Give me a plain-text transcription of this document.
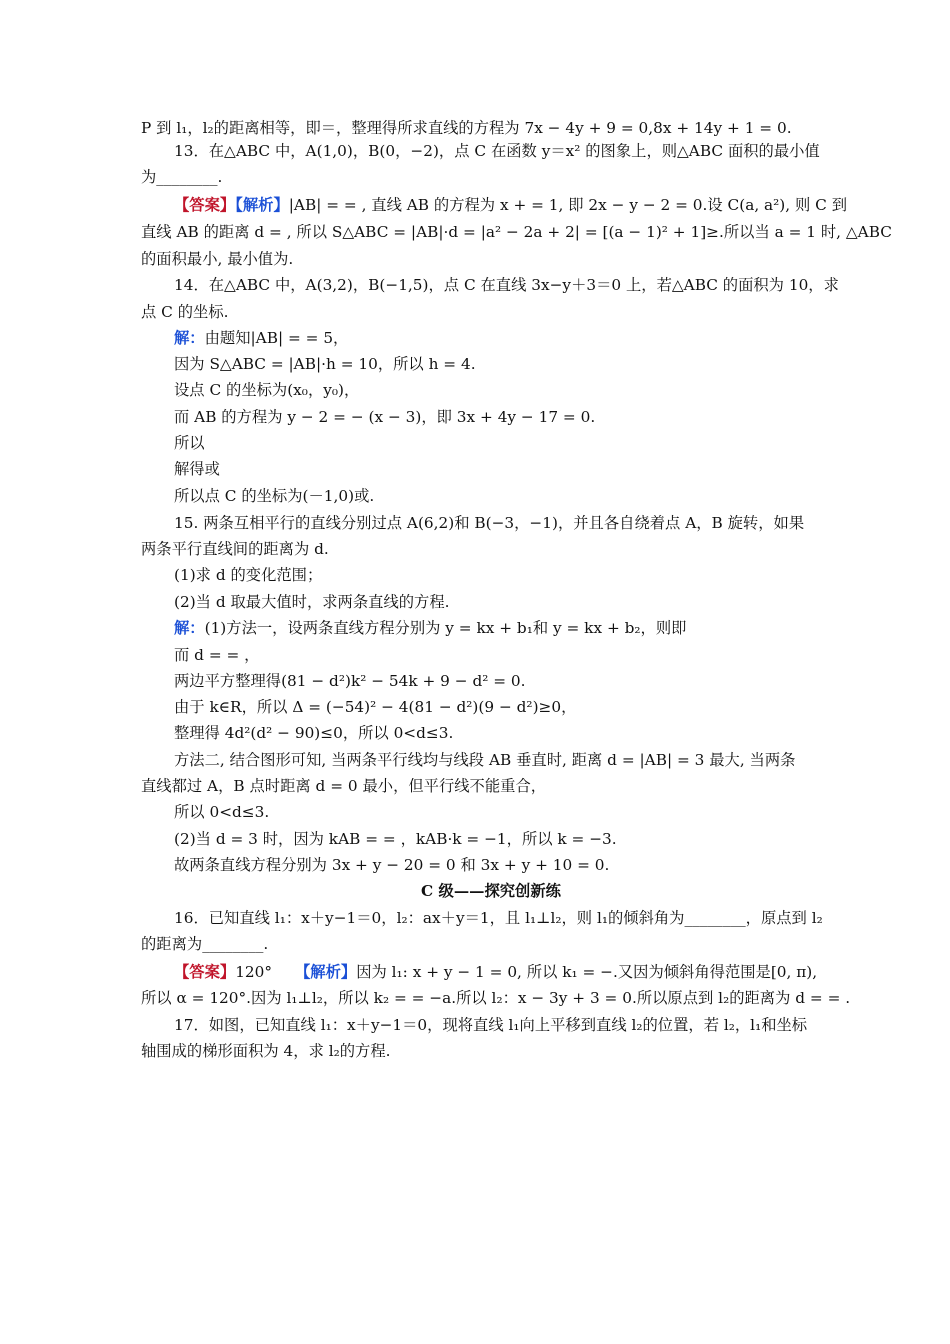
P 到 l₁，l₂的距离相等，即＝，整理得所求直线的方程为 7x − 4y + 9 = 0,8x + 14y + 1 = 0.
13．在△ABC 中，A(1,0)，B(0，−2)，点 C 在函数 y＝x² 的图象上，则△ABC 面积的最小值
为________.
【答案】【解析】|AB| = = , 直线 AB 的方程为 x + = 1, 即 2x − y − 2 = 0.设 C(a, a²), 则 C 到
直线 AB 的距离 d = , 所以 S△ABC = |AB|·d = |a² − 2a + 2| = [(a − 1)² + 1]≥.所以当 a = 1 时, △ABC
的面积最小, 最小值为.
14．在△ABC 中，A(3,2)，B(−1,5)，点 C 在直线 3x−y＋3＝0 上，若△ABC 的面积为 10，求
点 C 的坐标.
解：由题知|AB| = = 5，
因为 S△ABC = |AB|·h = 10，所以 h = 4.
设点 C 的坐标为(x₀，y₀)，
而 AB 的方程为 y − 2 = − (x − 3)，即 3x + 4y − 17 = 0.
所以
解得或
所以点 C 的坐标为(－1,0)或.
15. 两条互相平行的直线分别过点 A(6,2)和 B(−3，−1)，并且各自绕着点 A，B 旋转，如果
两条平行直线间的距离为 d.
(1)求 d 的变化范围；
(2)当 d 取最大值时，求两条直线的方程.
解：(1)方法一，设两条直线方程分别为 y = kx + b₁和 y = kx + b₂，则即
而 d = = ，
两边平方整理得(81 − d²)k² − 54k + 9 − d² = 0.
由于 k∈R，所以 Δ = (−54)² − 4(81 − d²)(9 − d²)≥0，
整理得 4d²(d² − 90)≤0，所以 0<d≤3.
方法二, 结合图形可知, 当两条平行线均与线段 AB 垂直时, 距离 d = |AB| = 3 最大, 当两条
直线都过 A，B 点时距离 d = 0 最小，但平行线不能重合，
所以 0<d≤3.
(2)当 d = 3 时，因为 kAB = = ，kAB·k = −1，所以 k = −3.
故两条直线方程分别为 3x + y − 20 = 0 和 3x + y + 10 = 0.
C 级——探究创新练
16．已知直线 l₁：x＋y−1＝0，l₂：ax＋y＝1，且 l₁⊥l₂，则 l₁的倾斜角为________，原点到 l₂
的距离为________.
【答案】120°　　【解析】因为 l₁: x + y − 1 = 0, 所以 k₁ = −.又因为倾斜角得范围是[0, π),
所以 α = 120°.因为 l₁⊥l₂，所以 k₂ = = −a.所以 l₂：x − 3y + 3 = 0.所以原点到 l₂的距离为 d = = .
17．如图，已知直线 l₁：x＋y−1＝0，现将直线 l₁向上平移到直线 l₂的位置，若 l₂，l₁和坐标
轴围成的梯形面积为 4，求 l₂的方程.
